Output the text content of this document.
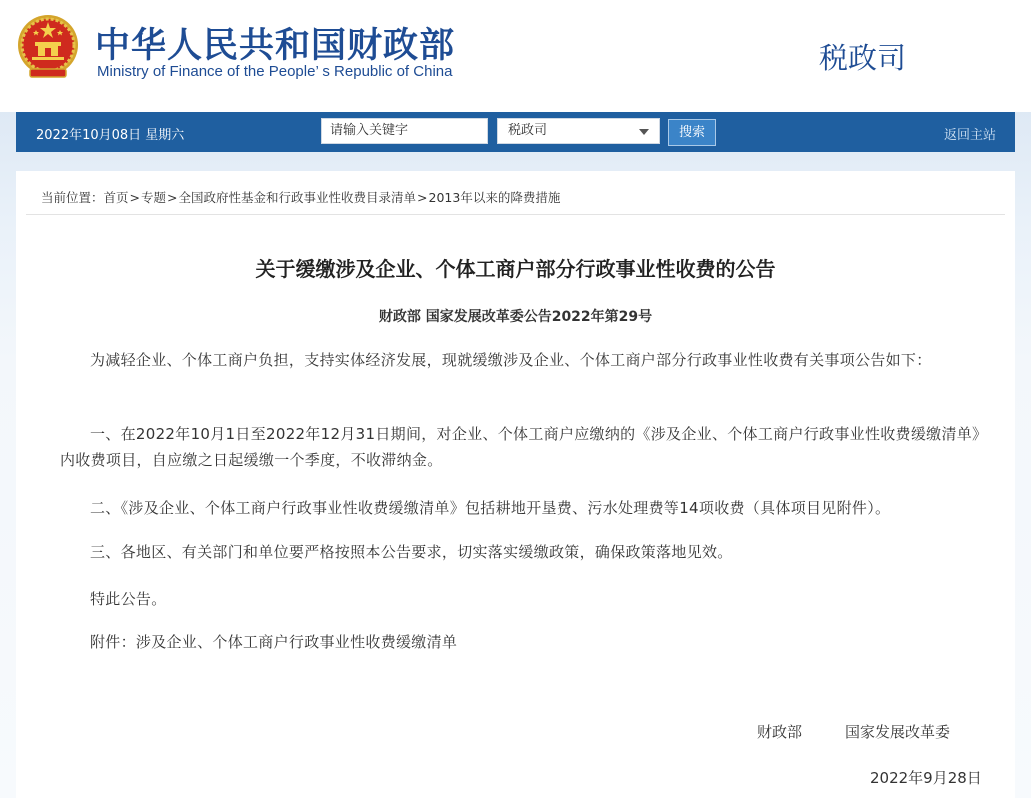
中华人民共和国财政部
Ministry of Finance of the People’ s Republic of China	税政司
2022年10月08日 星期六	请输入关键字	税政司	搜索	返回主站
当前位置：首页>专题>全国政府性基金和行政事业性收费目录清单>2013年以来的降费措施
关于缓缴涉及企业、个体工商户部分行政事业性收费的公告
财政部 国家发展改革委公告2022年第29号
为减轻企业、个体工商户负担，支持实体经济发展，现就缓缴涉及企业、个体工商户部分行政事业性收费有关事项公告如下：
一、在2022年10月1日至2022年12月31日期间，对企业、个体工商户应缴纳的《涉及企业、个体工商户行政事业性收费缓缴清单》内收费项目，自应缴之日起缓缴一个季度，不收滞纳金。
二、《涉及企业、个体工商户行政事业性收费缓缴清单》包括耕地开垦费、污水处理费等14项收费（具体项目见附件）。
三、各地区、有关部门和单位要严格按照本公告要求，切实落实缓缴政策，确保政策落地见效。
特此公告。
附件：涉及企业、个体工商户行政事业性收费缓缴清单
财政部	国家发展改革委
2022年9月28日
